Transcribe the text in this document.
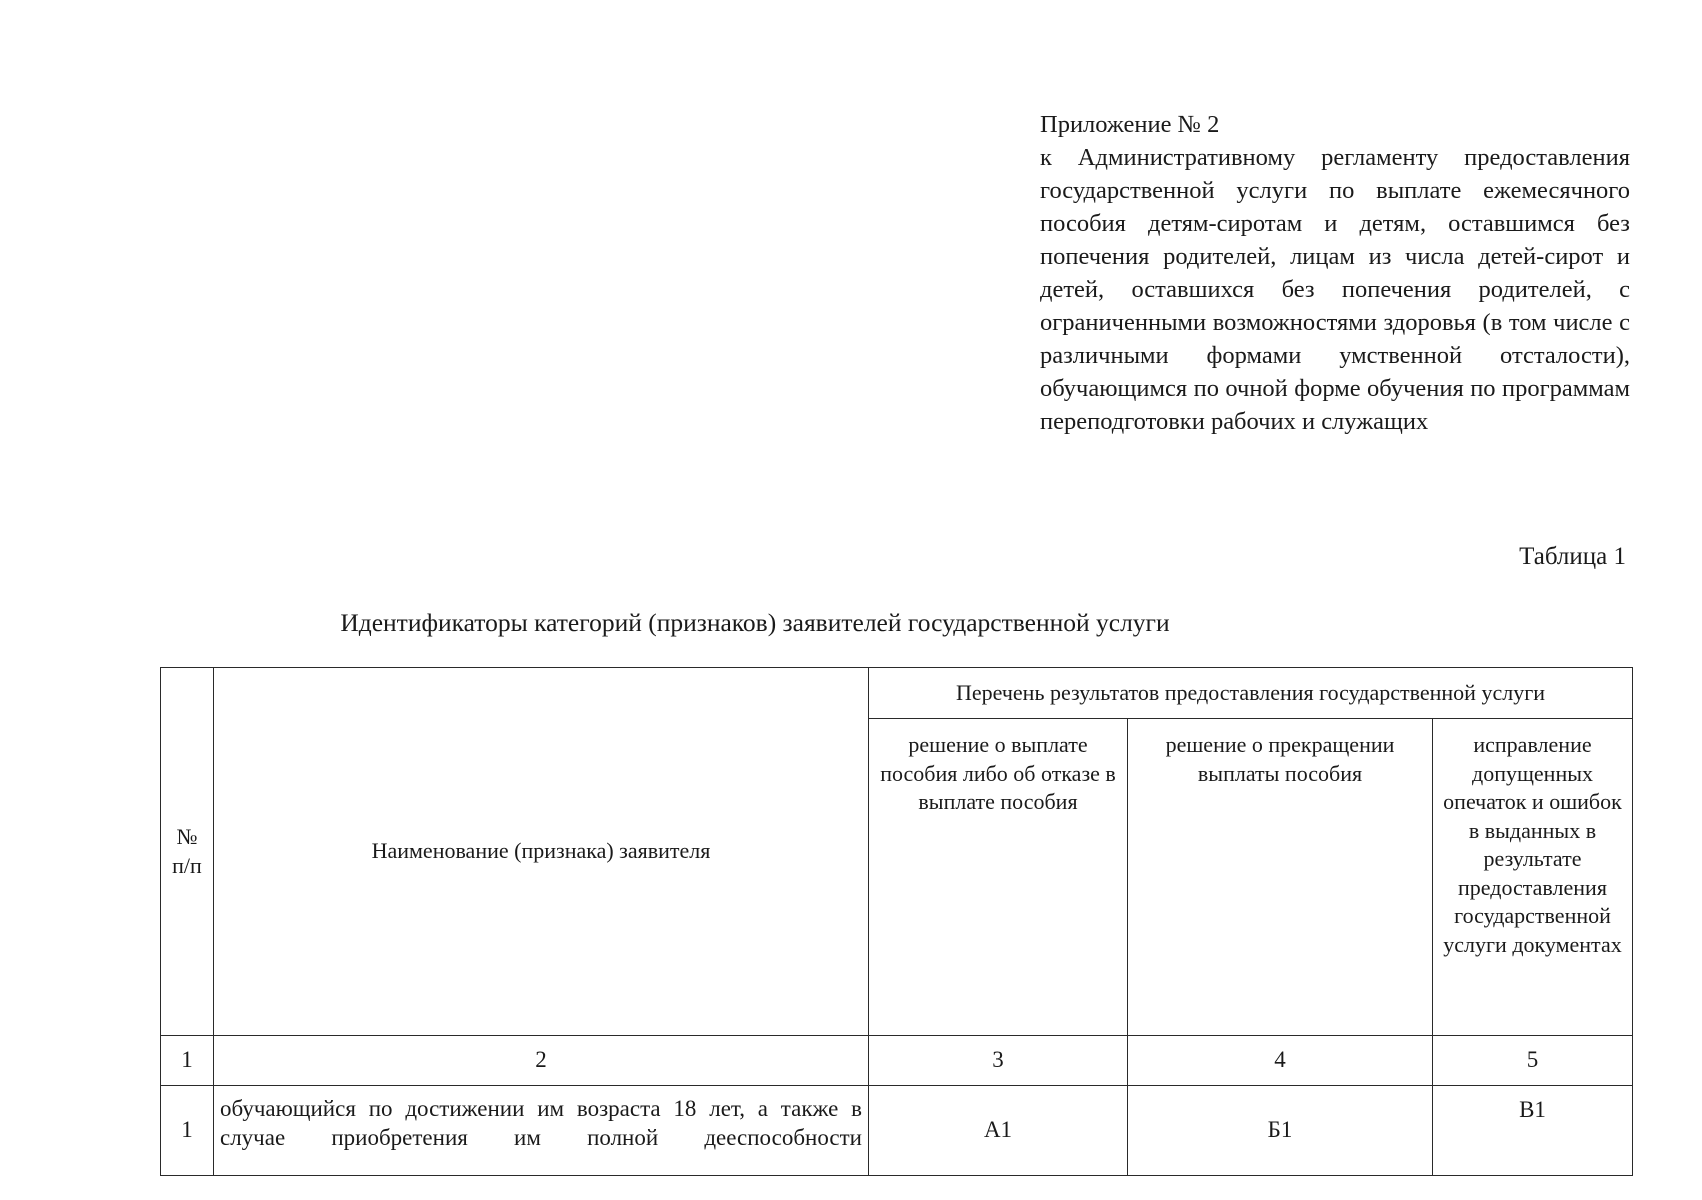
Приложение № 2
к Административному регламенту предоставления государственной услуги по выплате ежемесячного пособия детям-сиротам и детям, оставшимся без попечения родителей, лицам из числа детей-сирот и детей, оставшихся без попечения родителей, с ограниченными возможностями здоровья (в том числе с различными формами умственной отсталости), обучающимся по очной форме обучения по программам переподготовки рабочих и служащих
Таблица 1
Идентификаторы категорий (признаков) заявителей государственной услуги
№ п/п	Наименование (признака) заявителя	Перечень результатов предоставления государственной услуги		
		решение о выплате пособия либо об отказе в выплате пособия	решение о прекращении выплаты пособия	исправление допущенных опечаток и ошибок в выданных в результате предоставления государственной услуги документах
1	2	3	4	5
1	обучающийся по достижении им возраста 18 лет, а также в случае приобретения им полной дееспособности	А1	Б1	В1
